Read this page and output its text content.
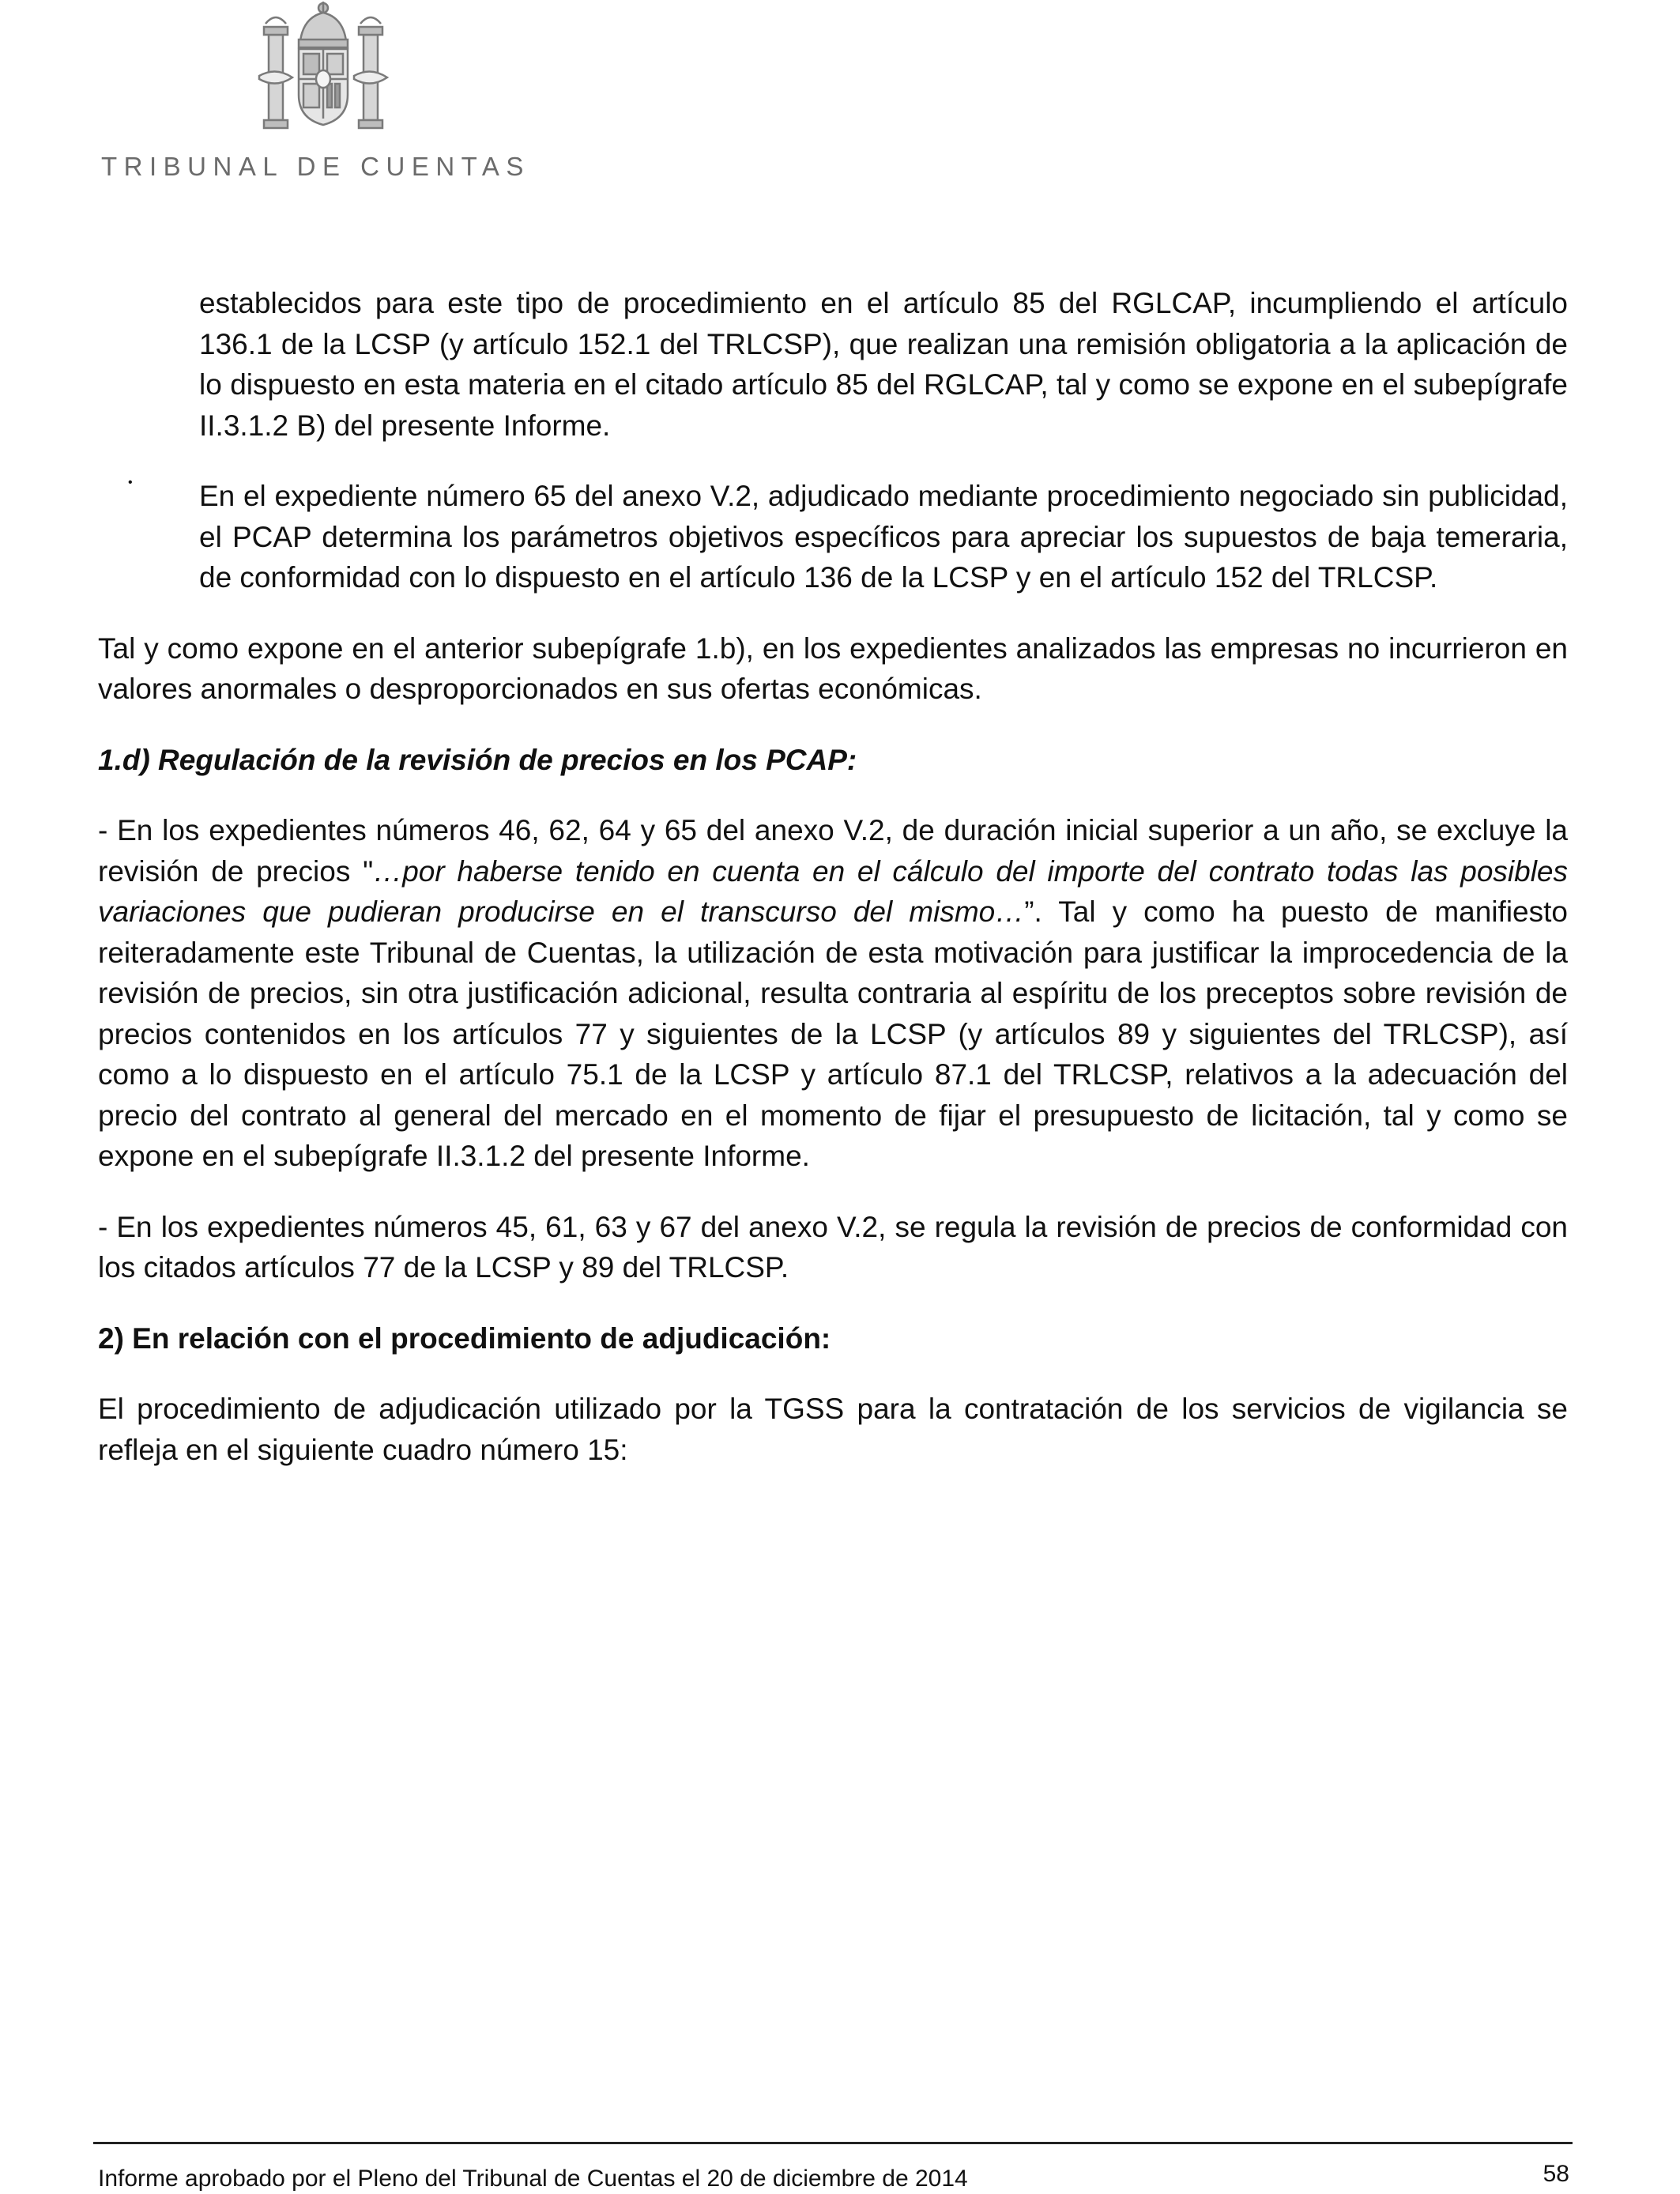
TRIBUNAL DE CUENTAS

establecidos para este tipo de procedimiento en el artículo 85 del RGLCAP, incumpliendo el artículo 136.1 de la LCSP (y artículo 152.1 del TRLCSP), que realizan una remisión obligatoria a la aplicación de lo dispuesto en esta materia en el citado artículo 85 del RGLCAP, tal y como se expone en el subepígrafe II.3.1.2 B) del presente Informe.

• En el expediente número 65 del anexo V.2, adjudicado mediante procedimiento negociado sin publicidad, el PCAP determina los parámetros objetivos específicos para apreciar los supuestos de baja temeraria, de conformidad con lo dispuesto en el artículo 136 de la LCSP y en el artículo 152 del TRLCSP.

Tal y como expone en el anterior subepígrafe 1.b), en los expedientes analizados las empresas no incurrieron en valores anormales o desproporcionados en sus ofertas económicas.

1.d) Regulación de la revisión de precios en los PCAP:

- En los expedientes números 46, 62, 64 y 65 del anexo V.2, de duración inicial superior a un año, se excluye la revisión de precios "…por haberse tenido en cuenta en el cálculo del importe del contrato todas las posibles variaciones que pudieran producirse en el transcurso del mismo…”. Tal y como ha puesto de manifiesto reiteradamente este Tribunal de Cuentas, la utilización de esta motivación para justificar la improcedencia de la revisión de precios, sin otra justificación adicional, resulta contraria al espíritu de los preceptos sobre revisión de precios contenidos en los artículos 77 y siguientes de la LCSP (y artículos 89 y siguientes del TRLCSP), así como a lo dispuesto en el artículo 75.1 de la LCSP y artículo 87.1 del TRLCSP, relativos a la adecuación del precio del contrato al general del mercado en el momento de fijar el presupuesto de licitación, tal y como se expone en el subepígrafe II.3.1.2 del presente Informe.

- En los expedientes números 45, 61, 63 y 67 del anexo V.2, se regula la revisión de precios de conformidad con los citados artículos 77 de la LCSP y 89 del TRLCSP.

2) En relación con el procedimiento de adjudicación:

El procedimiento de adjudicación utilizado por la TGSS para la contratación de los servicios de vigilancia se refleja en el siguiente cuadro número 15:

58
Informe aprobado por el Pleno del Tribunal de Cuentas el 20 de diciembre de 2014
